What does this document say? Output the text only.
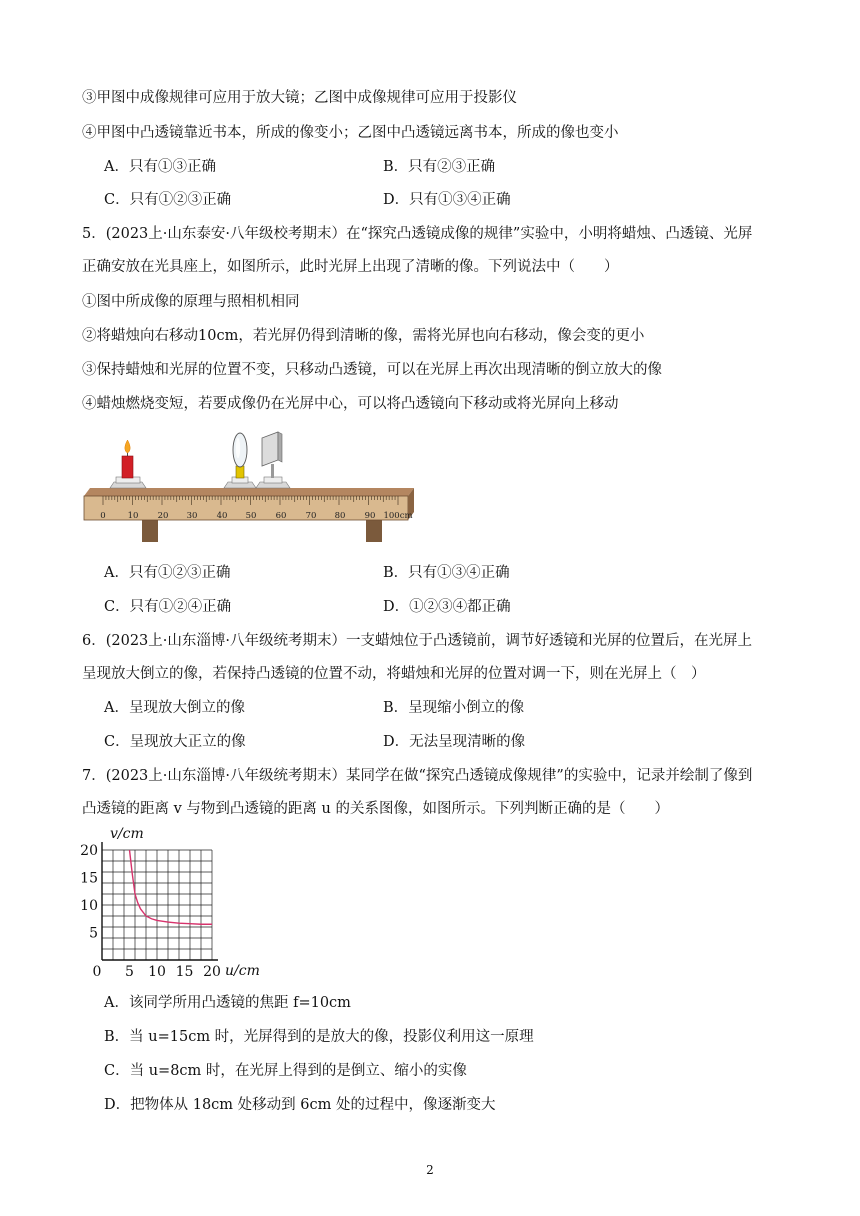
③甲图中成像规律可应用于放大镜；乙图中成像规律可应用于投影仪
④甲图中凸透镜靠近书本，所成的像变小；乙图中凸透镜远离书本，所成的像也变小
A．只有①③正确	B．只有②③正确
C．只有①②③正确	D．只有①③④正确
5．(2023上·山东泰安·八年级校考期末）在“探究凸透镜成像的规律”实验中，小明将蜡烛、凸透镜、光屏
正确安放在光具座上，如图所示，此时光屏上出现了清晰的像。下列说法中（　　）
①图中所成像的原理与照相机相同
②将蜡烛向右移动10cm，若光屏仍得到清晰的像，需将光屏也向右移动，像会变的更小
③保持蜡烛和光屏的位置不变，只移动凸透镜，可以在光屏上再次出现清晰的倒立放大的像
④蜡烛燃烧变短，若要成像仍在光屏中心，可以将凸透镜向下移动或将光屏向上移动
0	10 20 30 40 50 60 70 80 90 100cm
A．只有①②③正确	B．只有①③④正确
C．只有①②④正确	D．①②③④都正确
6．(2023上·山东淄博·八年级统考期末）一支蜡烛位于凸透镜前，调节好透镜和光屏的位置后，在光屏上
呈现放大倒立的像，若保持凸透镜的位置不动，将蜡烛和光屏的位置对调一下，则在光屏上（　）
A．呈现放大倒立的像	B．呈现缩小倒立的像
C．呈现放大正立的像	D．无法呈现清晰的像
7．(2023上·山东淄博·八年级统考期末）某同学在做“探究凸透镜成像规律”的实验中，记录并绘制了像到
凸透镜的距离 v 与物到凸透镜的距离 u 的关系图像，如图所示。下列判断正确的是（　　）
5
10
15
20
0 5 10 15 20
v/cm
u/cm
A．该同学所用凸透镜的焦距 f=10cm
B．当 u=15cm 时，光屏得到的是放大的像，投影仪利用这一原理
C．当 u=8cm 时，在光屏上得到的是倒立、缩小的实像
D．把物体从 18cm 处移动到 6cm 处的过程中，像逐渐变大
2
